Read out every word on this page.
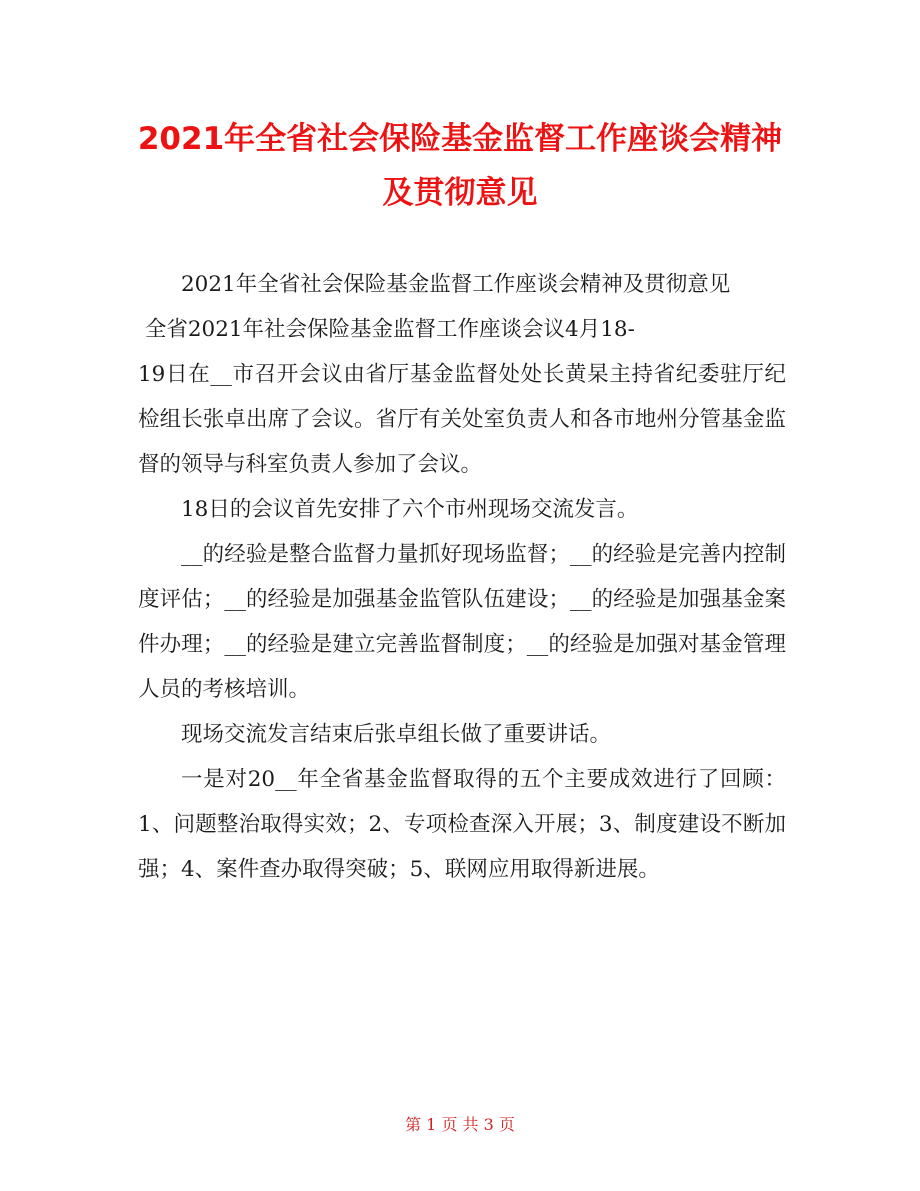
2021年全省社会保险基金监督工作座谈会精神
及贯彻意见

2021年全省社会保险基金监督工作座谈会精神及贯彻意见

全省2021年社会保险基金监督工作座谈会议4月18-

19日在__市召开会议由省厅基金监督处处长黄杲主持省纪委驻厅纪检组长张卓出席了会议。省厅有关处室负责人和各市地州分管基金监督的领导与科室负责人参加了会议。

18日的会议首先安排了六个市州现场交流发言。

__的经验是整合监督力量抓好现场监督；__的经验是完善内控制度评估；__的经验是加强基金监管队伍建设；__的经验是加强基金案件办理；__的经验是建立完善监督制度；__的经验是加强对基金管理人员的考核培训。

现场交流发言结束后张卓组长做了重要讲话。

一是对20__年全省基金监督取得的五个主要成效进行了回顾：1、问题整治取得实效；2、专项检查深入开展；3、制度建设不断加强；4、案件查办取得突破；5、联网应用取得新进展。

第 1 页 共 3 页
